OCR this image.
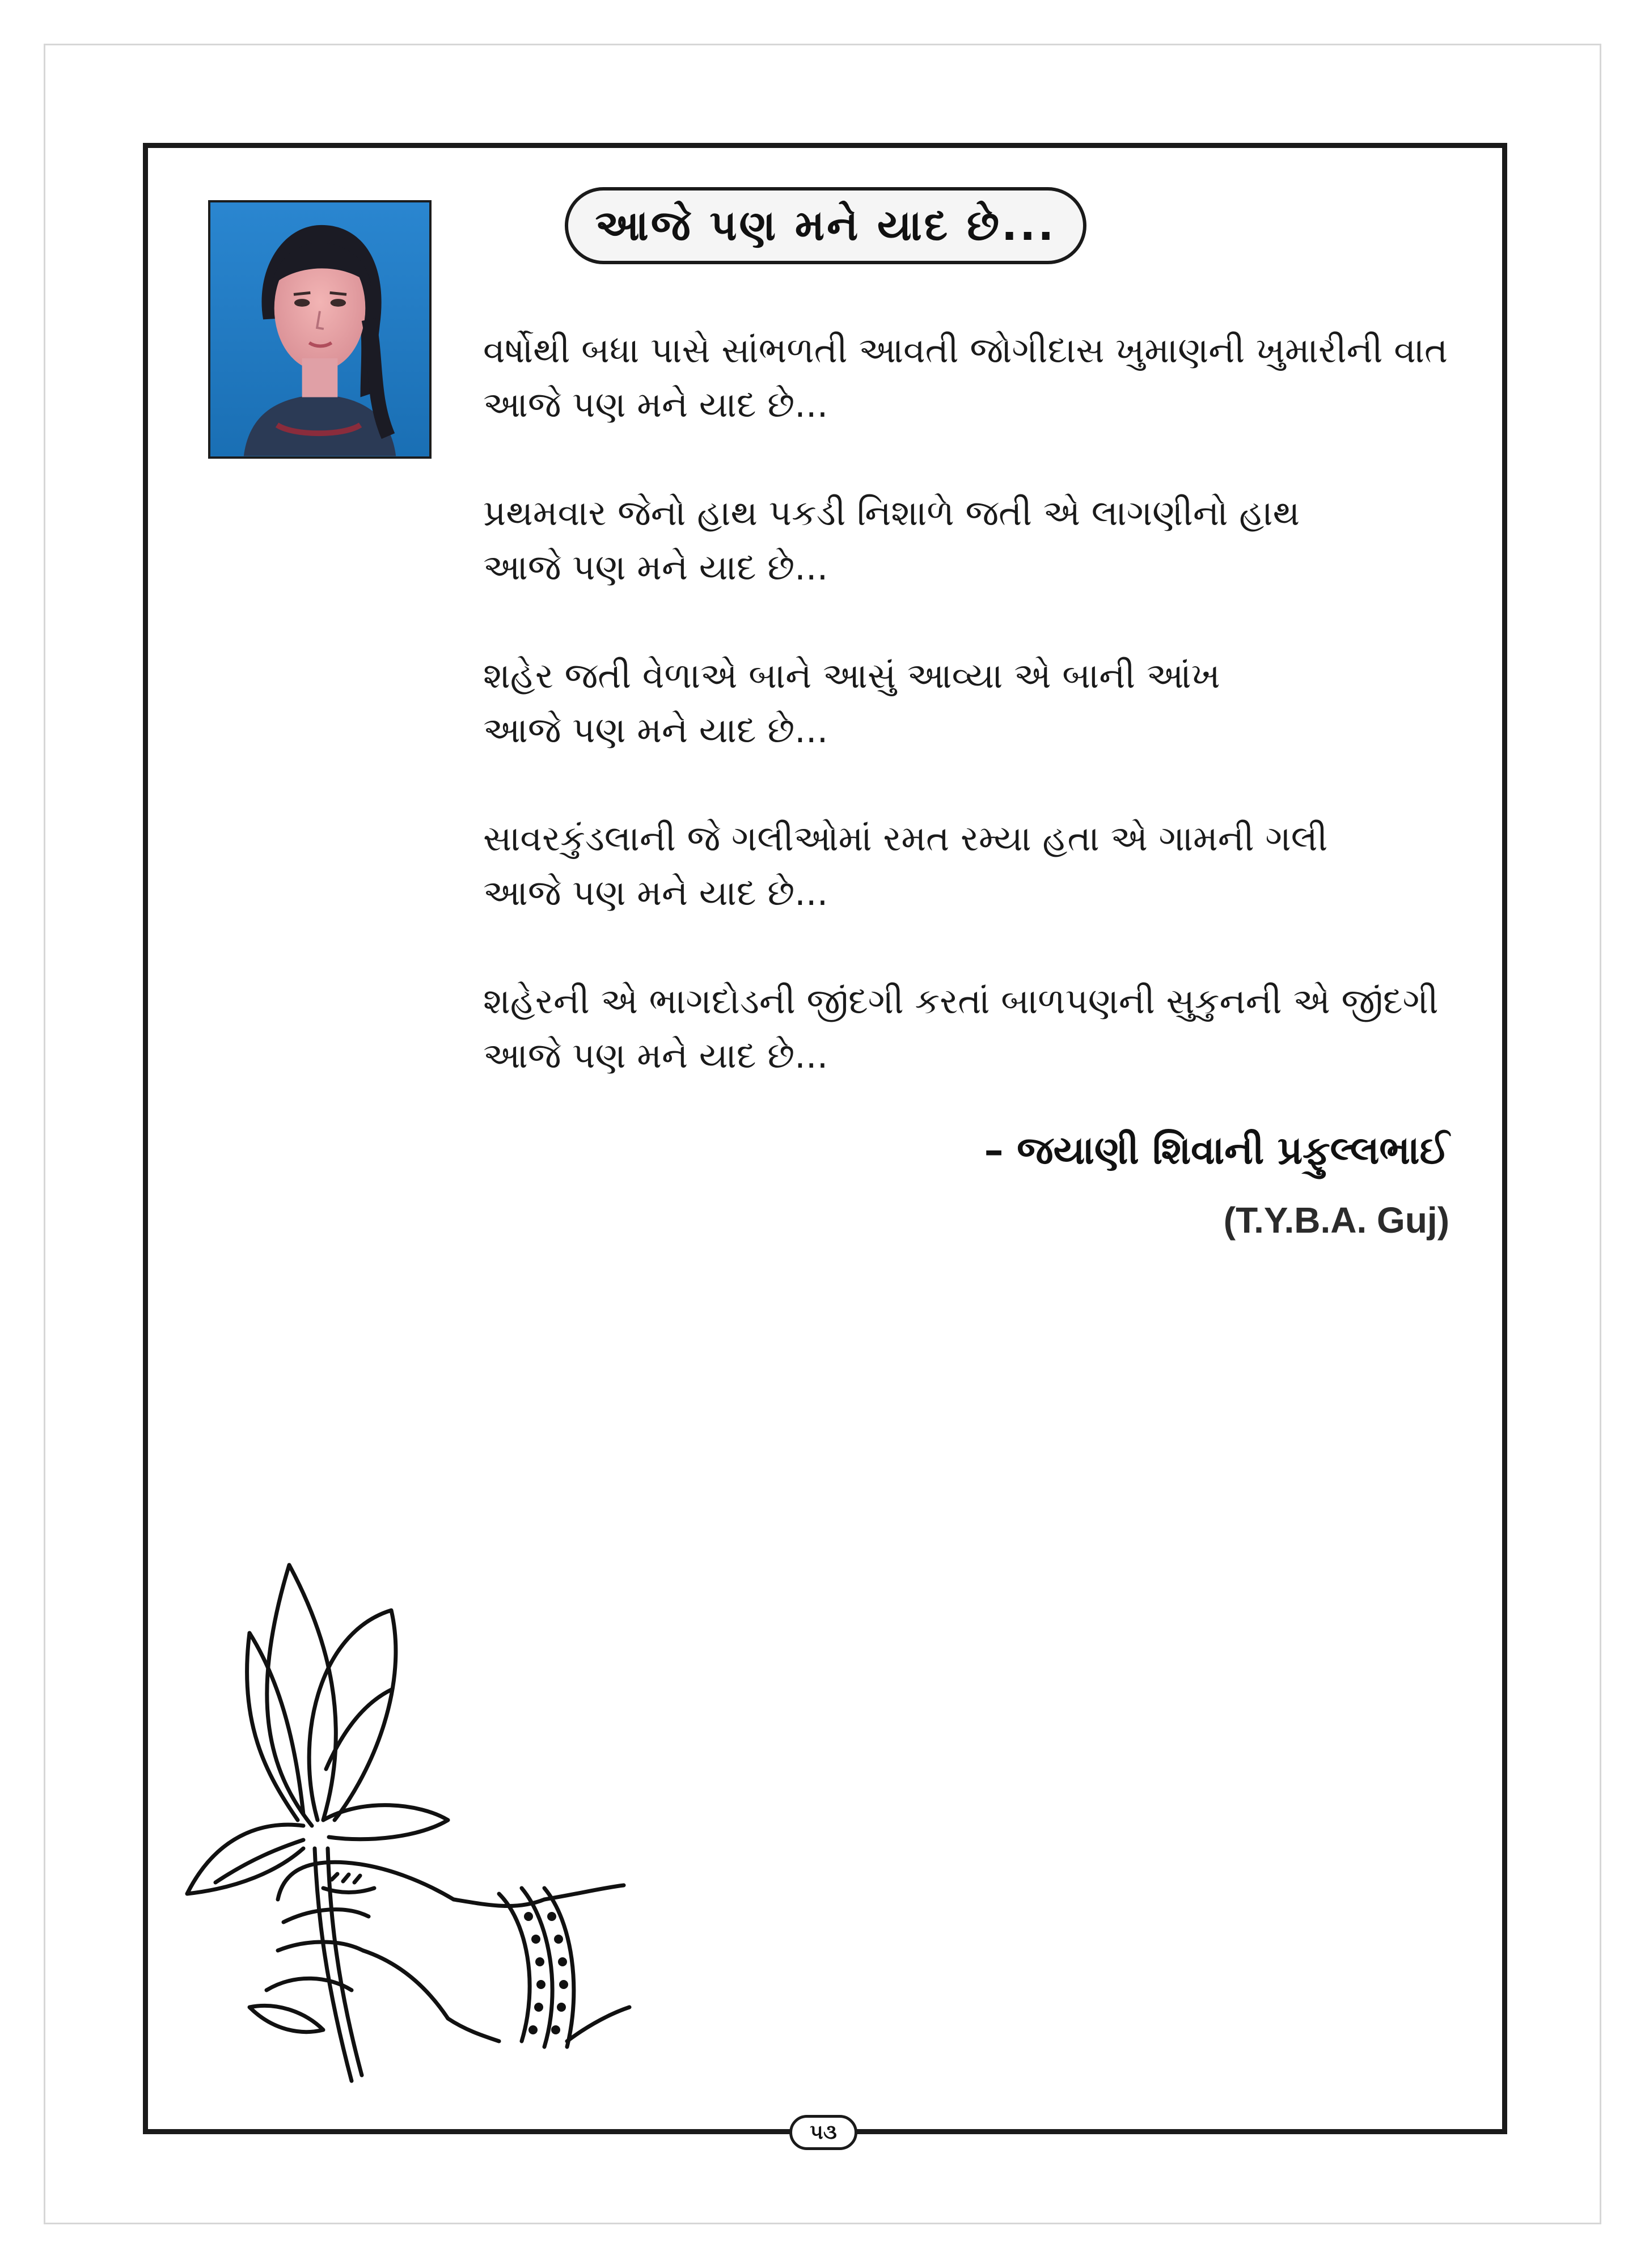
આજે પણ મને યાદ છે...
વર્ષોથી બધા પાસે સાંભળતી આવતી જોગીદાસ ખુમાણની ખુમારીની વાત
આજે પણ મને યાદ છે...
પ્રથમવાર જેનો હાથ પકડી નિશાળે જતી એ લાગણીનો હાથ
આજે પણ મને યાદ છે...
શહેર જતી વેળાએ બાને આસું આવ્યા એ બાની આંખ
આજે પણ મને યાદ છે...
સાવરકુંડલાની જે ગલીઓમાં રમત રમ્યા હતા એ ગામની ગલી
આજે પણ મને યાદ છે...
શહેરની એ ભાગદોડની જીંદગી કરતાં બાળપણની સુકુનની એ જીંદગી
આજે પણ મને યાદ છે...
– જયાણી શિવાની પ્રફુલ્લભાઈ
(T.Y.B.A. Guj)
૫૩
